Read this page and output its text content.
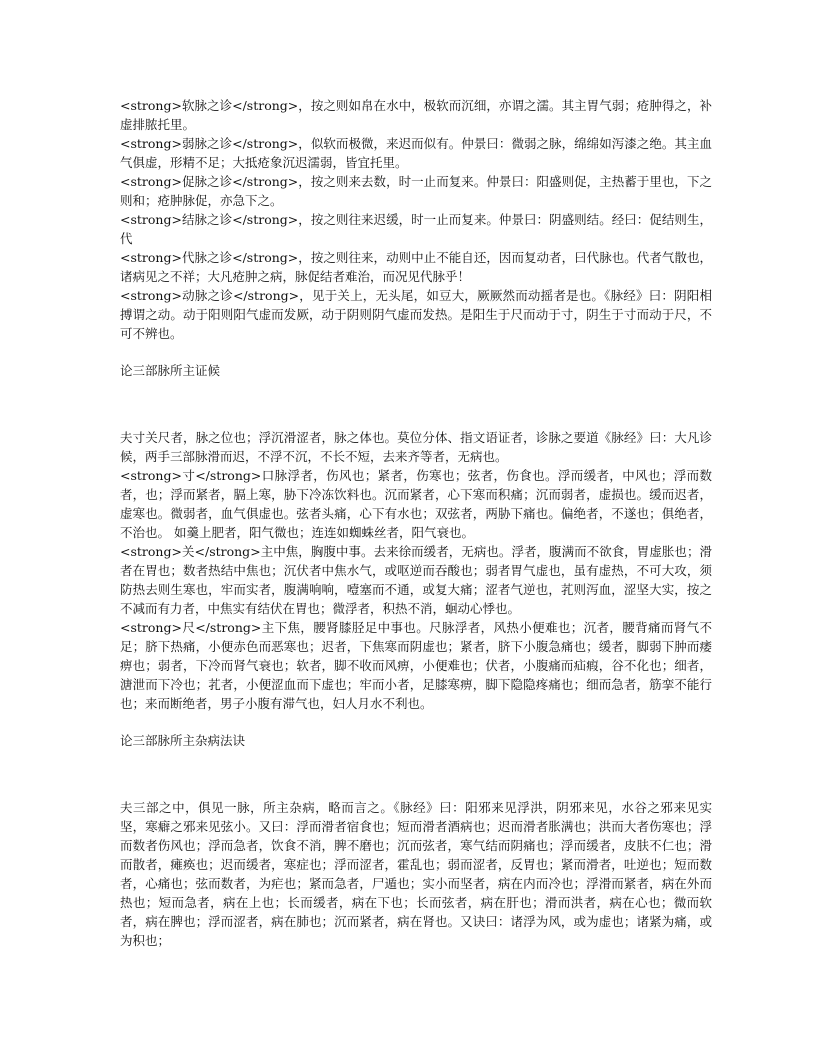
<strong>软脉之诊</strong>，按之则如帛在水中，极软而沉细，亦谓之濡。其主胃气弱；疮肿得之，补虚排脓托里。

<strong>弱脉之诊</strong>，似软而极微，来迟而似有。仲景曰：微弱之脉，绵绵如泻漆之绝。其主血气俱虚，形精不足；大抵疮象沉迟濡弱，皆宜托里。

<strong>促脉之诊</strong>，按之则来去数，时一止而复来。仲景曰：阳盛则促，主热蓄于里也，下之则和；疮肿脉促，亦急下之。

<strong>结脉之诊</strong>，按之则往来迟缓，时一止而复来。仲景曰：阴盛则结。经曰：促结则生，代

<strong>代脉之诊</strong>，按之则往来，动则中止不能自还，因而复动者，曰代脉也。代者气散也，诸病见之不祥；大凡疮肿之病，脉促结者难治，而况见代脉乎！

<strong>动脉之诊</strong>，见于关上，无头尾，如豆大，厥厥然而动摇者是也。《脉经》曰：阴阳相搏谓之动。动于阳则阳气虚而发厥，动于阴则阴气虚而发热。是阳生于尺而动于寸，阴生于寸而动于尺，不可不辨也。

论三部脉所主证候

夫寸关尺者，脉之位也；浮沉滑涩者，脉之体也。莫位分体、指文语证者，诊脉之要道《脉经》曰：大凡诊候，两手三部脉滑而迟，不浮不沉，不长不短，去来齐等者，无病也。

<strong>寸</strong>口脉浮者，伤风也；紧者，伤寒也；弦者，伤食也。浮而缓者，中风也；浮而数者，也；浮而紧者，膈上寒，胁下冷冻饮料也。沉而紧者，心下寒而积痛；沉而弱者，虚损也。缓而迟者，虚寒也。微弱者，血气俱虚也。弦者头痛，心下有水也；双弦者，两胁下痛也。偏绝者，不遂也；俱绝者，不治也。 如羹上肥者，阳气微也；连连如蜘蛛丝者，阳气衰也。

<strong>关</strong>主中焦，胸腹中事。去来徐而缓者，无病也。浮者，腹满而不欲食，胃虚胀也；滑者在胃也；数者热结中焦也；沉伏者中焦水气，或呕逆而吞酸也；弱者胃气虚也，虽有虚热，不可大攻，须防热去则生寒也，牢而实者，腹满响响，噎塞而不通，或复大痛；涩者气逆也，芤则泻血，涩坚大实，按之不减而有力者，中焦实有结伏在胃也；微浮者，积热不消，蛔动心悸也。

<strong>尺</strong>主下焦，腰肾膝胫足中事也。尺脉浮者，风热小便难也；沉者，腰背痛而肾气不足；脐下热痛，小便赤色而恶寒也；迟者，下焦寒而阴虚也；紧者，脐下小腹急痛也；缓者，脚弱下肿而痿痹也；弱者，下冷而肾气衰也；软者，脚不收而风痹，小便难也；伏者，小腹痛而疝瘕，谷不化也；细者，溏泄而下冷也；芤者，小便涩血而下虚也；牢而小者，足膝寒痹，脚下隐隐疼痛也；细而急者，筋挛不能行也；来而断绝者，男子小腹有滞气也，妇人月水不利也。

论三部脉所主杂病法诀

夫三部之中，俱见一脉，所主杂病，略而言之。《脉经》曰：阳邪来见浮洪，阴邪来见，水谷之邪来见实坚，寒癖之邪来见弦小。又曰：浮而滑者宿食也；短而滑者酒病也；迟而滑者胀满也；洪而大者伤寒也；浮而数者伤风也；浮而急者，饮食不消，脾不磨也；沉而弦者，寒气结而阴痛也；浮而缓者，皮肤不仁也；滑而散者，瘫痪也；迟而缓者，寒症也；浮而涩者，霍乱也；弱而涩者，反胃也；紧而滑者，吐逆也；短而数者，心痛也；弦而数者，为疟也；紧而急者，尸遁也；实小而坚者，病在内而冷也；浮滑而紧者，病在外而热也；短而急者，病在上也；长而缓者，病在下也；长而弦者，病在肝也；滑而洪者，病在心也；微而软者，病在脾也；浮而涩者，病在肺也；沉而紧者，病在肾也。又诀曰：诸浮为风，或为虚也；诸紧为痛，或为积也；
